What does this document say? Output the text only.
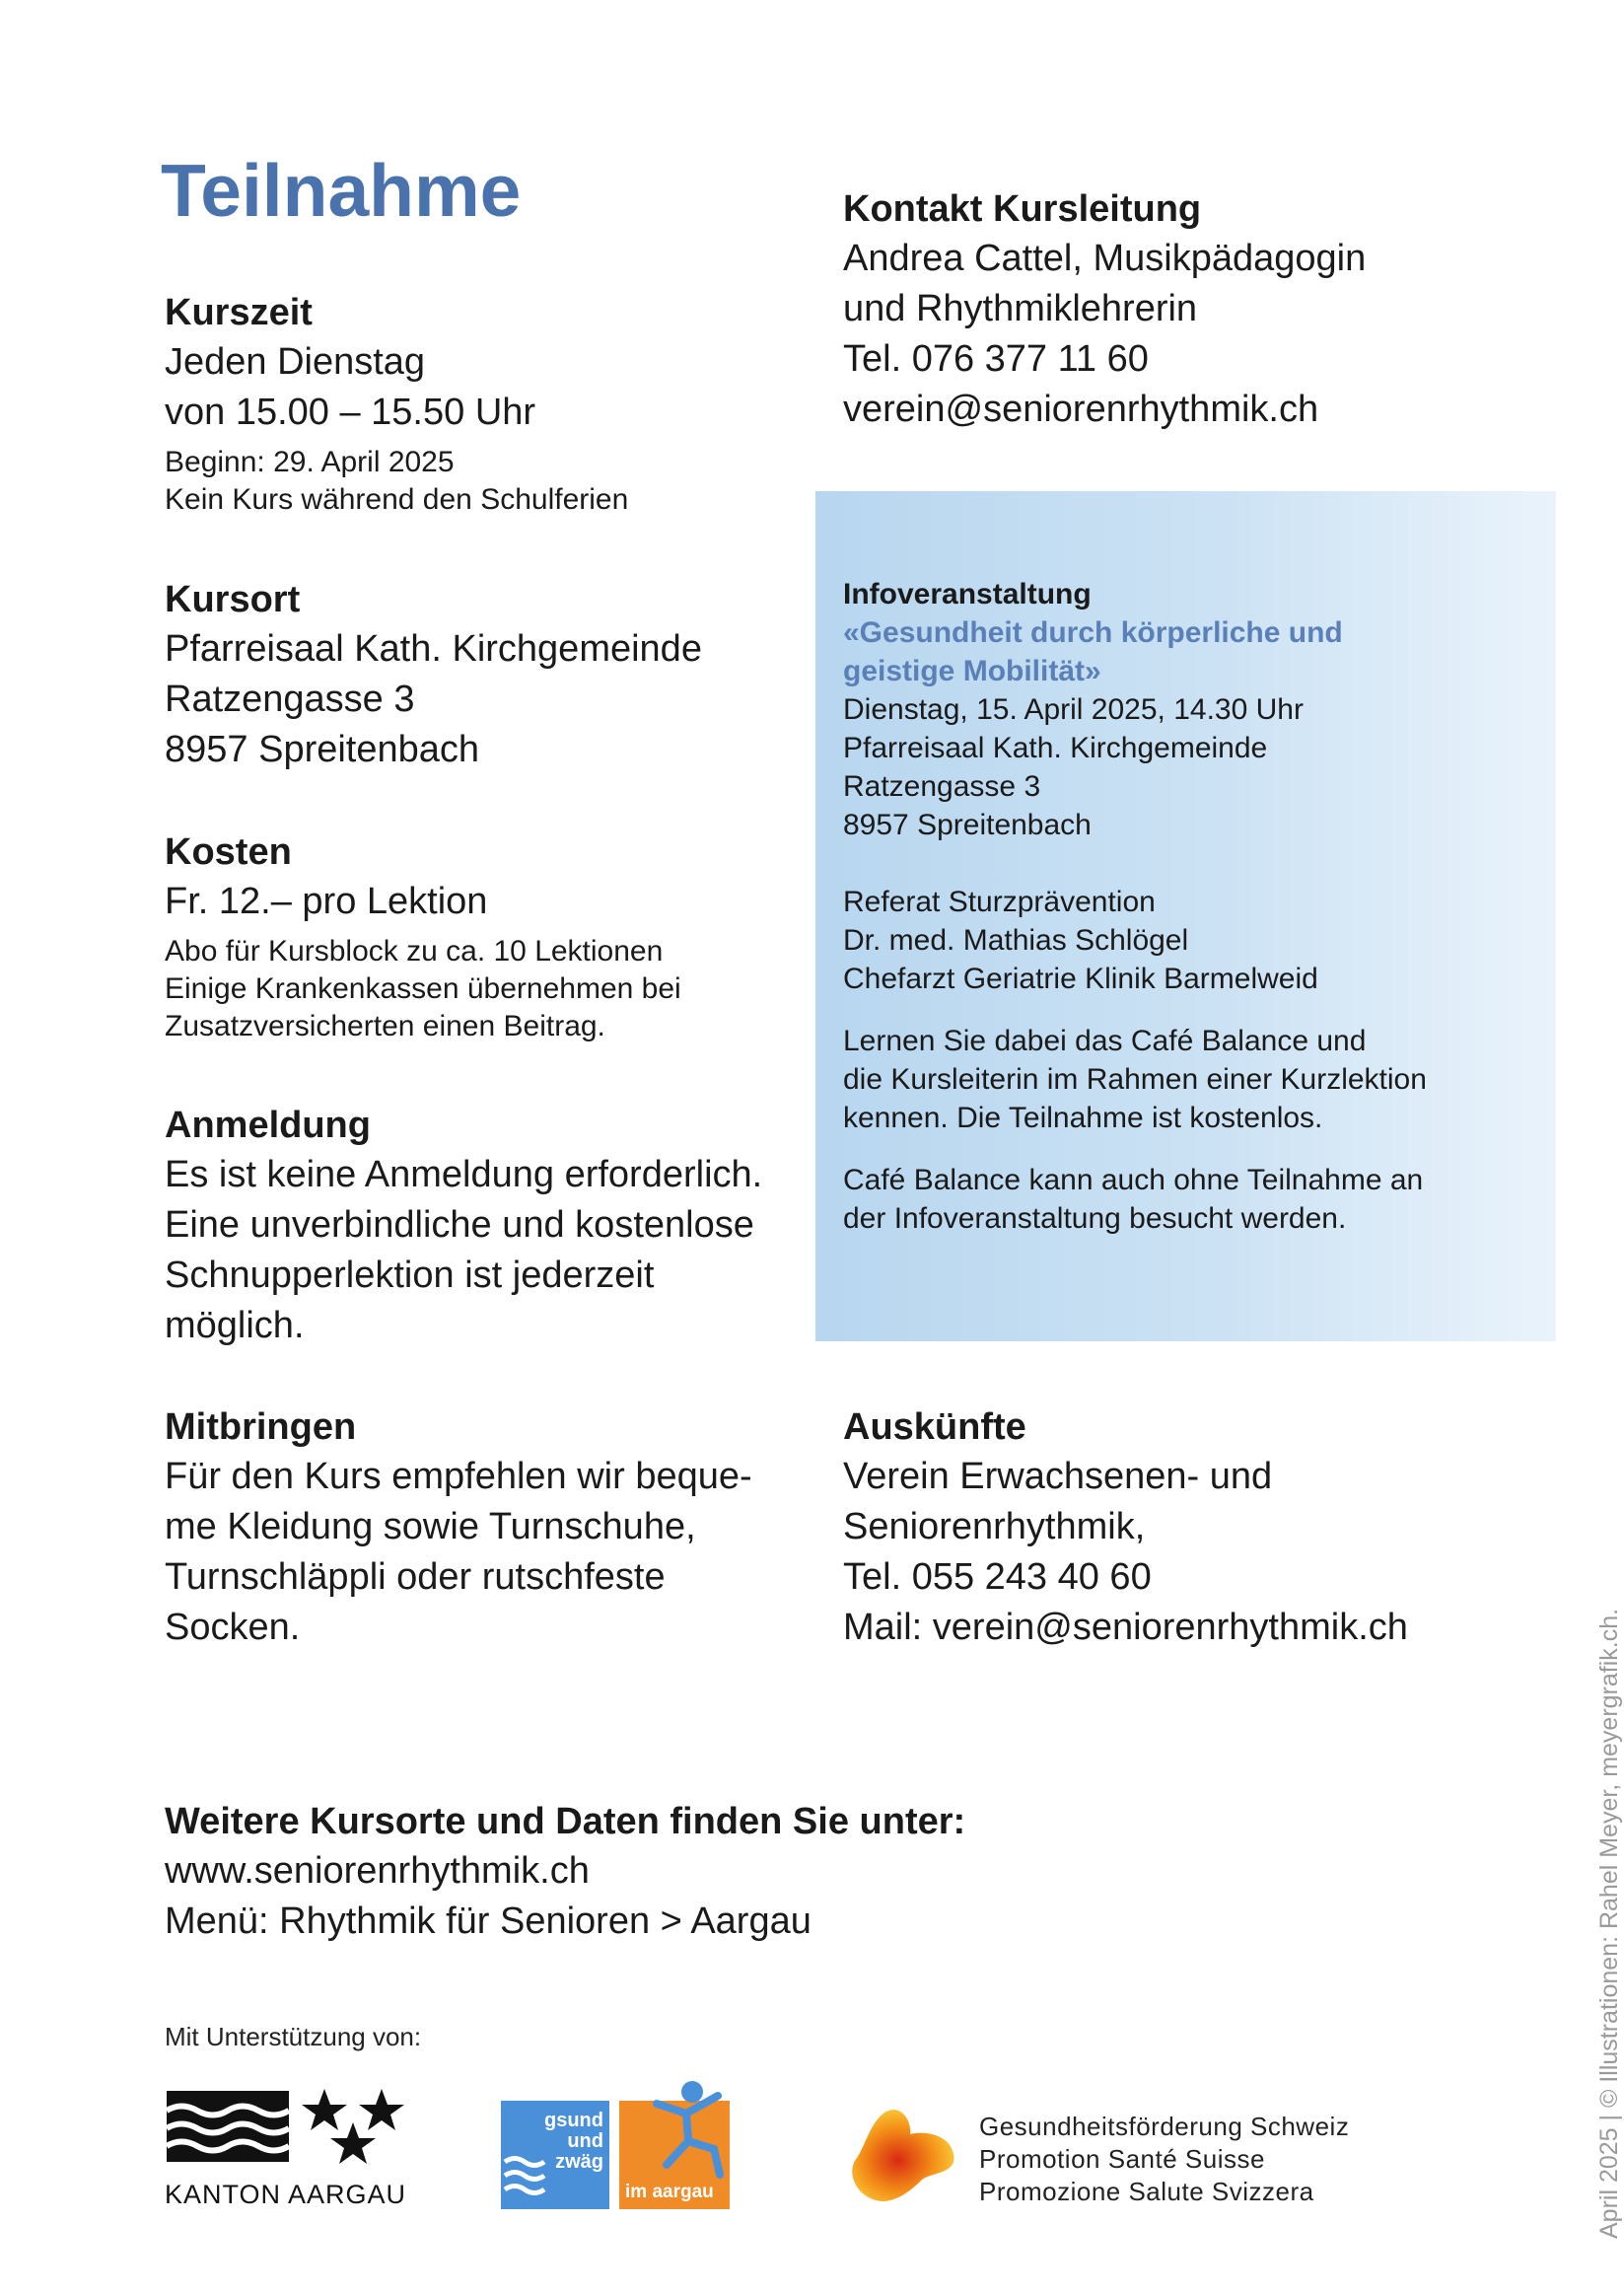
Teilnahme
Kurszeit
Jeden Dienstag
von 15.00 – 15.50 Uhr
Beginn: 29. April 2025
Kein Kurs während den Schulferien
Kursort
Pfarreisaal Kath. Kirchgemeinde
Ratzengasse 3
8957 Spreitenbach
Kosten
Fr. 12.– pro Lektion
Abo für Kursblock zu ca. 10 Lektionen
Einige Krankenkassen übernehmen bei
Zusatzversicherten einen Beitrag.
Anmeldung
Es ist keine Anmeldung erforderlich.
Eine unverbindliche und kostenlose
Schnupperlektion ist jederzeit
möglich.
Mitbringen
Für den Kurs empfehlen wir beque-
me Kleidung sowie Turnschuhe,
Turnschläppli oder rutschfeste
Socken.
Kontakt Kursleitung
Andrea Cattel, Musikpädagogin
und Rhythmiklehrerin
Tel. 076 377 11 60
verein@seniorenrhythmik.ch
Infoveranstaltung
«Gesundheit durch körperliche und
geistige Mobilität»
Dienstag, 15. April 2025, 14.30 Uhr
Pfarreisaal Kath. Kirchgemeinde
Ratzengasse 3
8957 Spreitenbach
Referat Sturzprävention
Dr. med. Mathias Schlögel
Chefarzt Geriatrie Klinik Barmelweid
Lernen Sie dabei das Café Balance und
die Kursleiterin im Rahmen einer Kurzlektion
kennen. Die Teilnahme ist kostenlos.
Café Balance kann auch ohne Teilnahme an
der Infoveranstaltung besucht werden.
Auskünfte
Verein Erwachsenen- und
Seniorenrhythmik,
Tel. 055 243 40 60
Mail: verein@seniorenrhythmik.ch
Weitere Kursorte und Daten finden Sie unter:
www.seniorenrhythmik.ch
Menü: Rhythmik für Senioren > Aargau
Mit Unterstützung von:
KANTON AARGAU
gsund
und
zwäg
im aargau
Gesundheitsförderung Schweiz
Promotion Santé Suisse
Promozione Salute Svizzera	April 2025 | © Illustrationen: Rahel Meyer, meyergrafik.ch.
